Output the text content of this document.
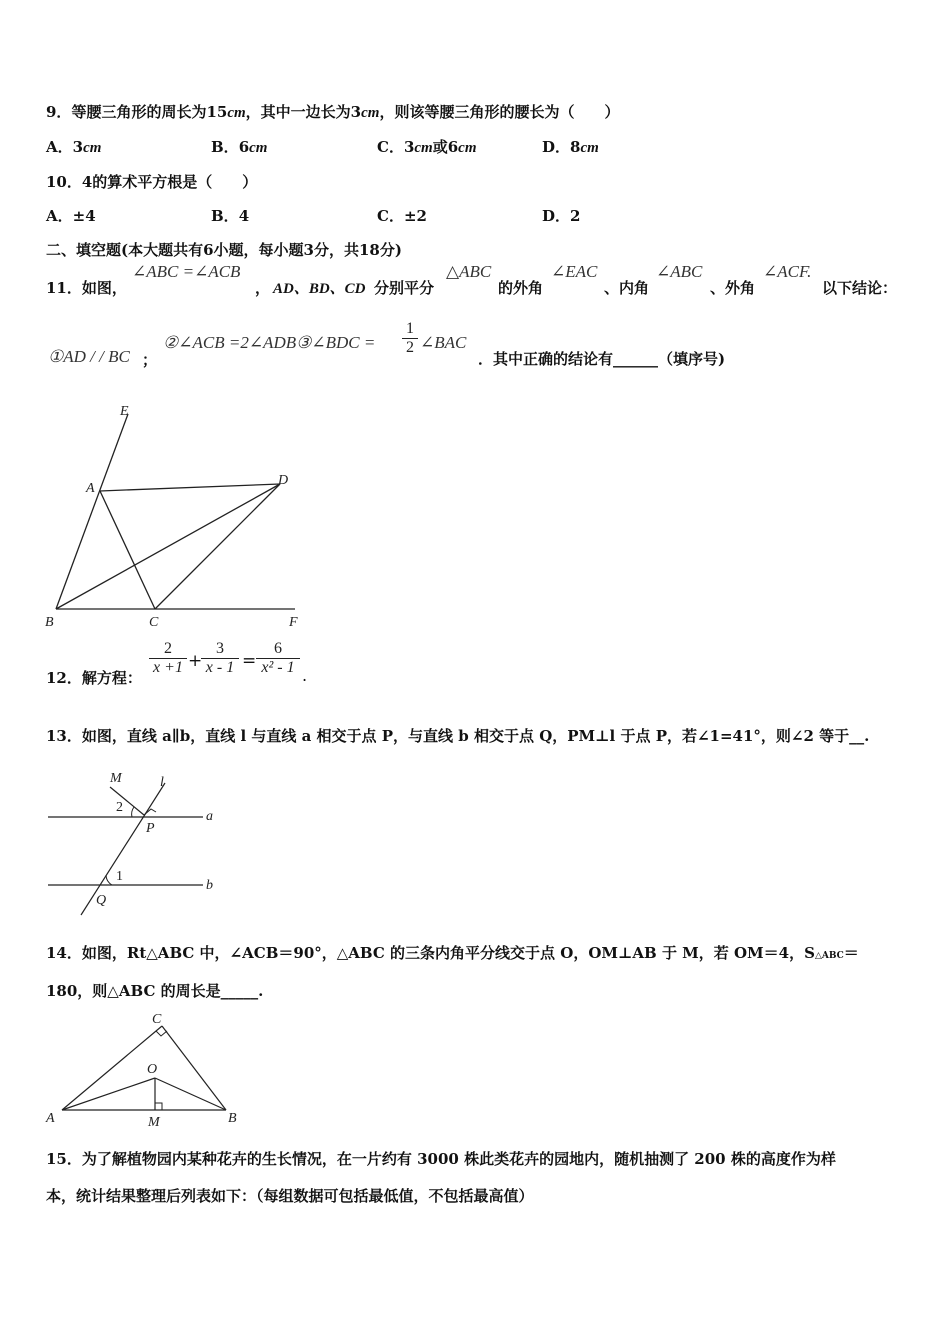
9．等腰三角形的周长为15cm，其中一边长为3cm，则该等腰三角形的腰长为（　　）
A．3cm	B．6cm	C．3cm或6cm	D．8cm
10．4的算术平方根是（　　）
A．±4	B．4	C．±2	D．2
二、填空题(本大题共有6小题，每小题3分，共18分)
11．如图，
∠ABC =∠ACB
， AD、BD、CD 分别平分
△ABC
的外角
∠EAC
、内角
∠ABC
、外角
∠ACF.
以下结论：
①AD / / BC ；
②∠ACB =2∠ADB③∠BDC =
1
2 ∠BAC
．其中正确的结论有______（填序号)
E
A
D
B	C	F
12．解方程：
2
x +1 +
3
x - 1 =
6
x² - 1 .
13．如图，直线 a∥b，直线 l 与直线 a 相交于点 P，与直线 b 相交于点 Q，PM⊥l 于点 P，若∠1=41°，则∠2 等于__.
M	l
2
P
a
1
b
Q
14．如图，Rt△ABC 中，∠ACB＝90°，△ABC 的三条内角平分线交于点 O，OM⊥AB 于 M，若 OM＝4，S△ABC＝
180，则△ABC 的周长是_____.
C
O
A	M	B
15．为了解植物园内某种花卉的生长情况，在一片约有 3000 株此类花卉的园地内，随机抽测了 200 株的高度作为样
本，统计结果整理后列表如下：（每组数据可包括最低值，不包括最高值）
